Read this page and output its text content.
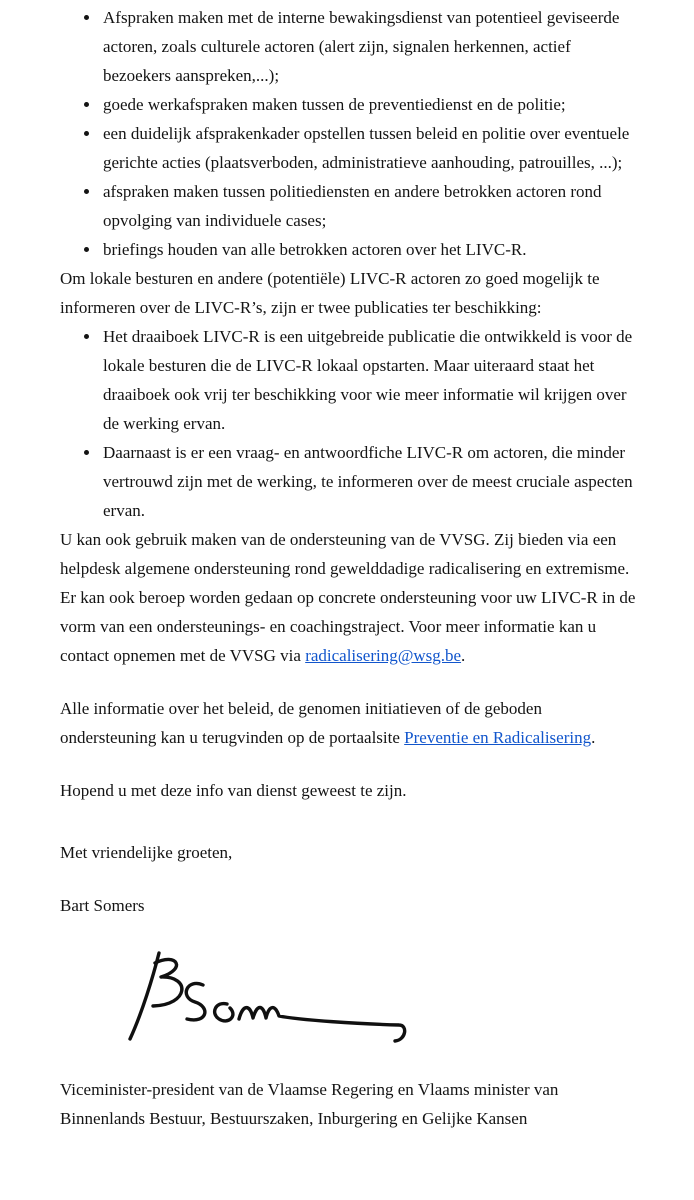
• Afspraken maken met de interne bewakingsdienst van potentieel geviseerde actoren, zoals culturele actoren (alert zijn, signalen herkennen, actief bezoekers aanspreken,...);
• goede werkafspraken maken tussen de preventiedienst en de politie;
• een duidelijk afsprakenkader opstellen tussen beleid en politie over eventuele gerichte acties (plaatsverboden, administratieve aanhouding, patrouilles, ...);
• afspraken maken tussen politiediensten en andere betrokken actoren rond opvolging van individuele cases;
• briefings houden van alle betrokken actoren over het LIVC-R.

Om lokale besturen en andere (potentiële) LIVC-R actoren zo goed mogelijk te informeren over de LIVC-R’s, zijn er twee publicaties ter beschikking:

• Het draaiboek LIVC-R is een uitgebreide publicatie die ontwikkeld is voor de lokale besturen die de LIVC-R lokaal opstarten. Maar uiteraard staat het draaiboek ook vrij ter beschikking voor wie meer informatie wil krijgen over de werking ervan.
• Daarnaast is er een vraag- en antwoordfiche LIVC-R om actoren, die minder vertrouwd zijn met de werking, te informeren over de meest cruciale aspecten ervan.

U kan ook gebruik maken van de ondersteuning van de VVSG. Zij bieden via een helpdesk algemene ondersteuning rond gewelddadige radicalisering en extremisme. Er kan ook beroep worden gedaan op concrete ondersteuning voor uw LIVC-R in de vorm van een ondersteunings- en coachingstraject. Voor meer informatie kan u contact opnemen met de VVSG via radicalisering@wsg.be.

Alle informatie over het beleid, de genomen initiatieven of de geboden ondersteuning kan u terugvinden op de portaalsite Preventie en Radicalisering.

Hopend u met deze info van dienst geweest te zijn.

Met vriendelijke groeten,

Bart Somers

Viceminister-president van de Vlaamse Regering en Vlaams minister van Binnenlands Bestuur, Bestuurszaken, Inburgering en Gelijke Kansen
